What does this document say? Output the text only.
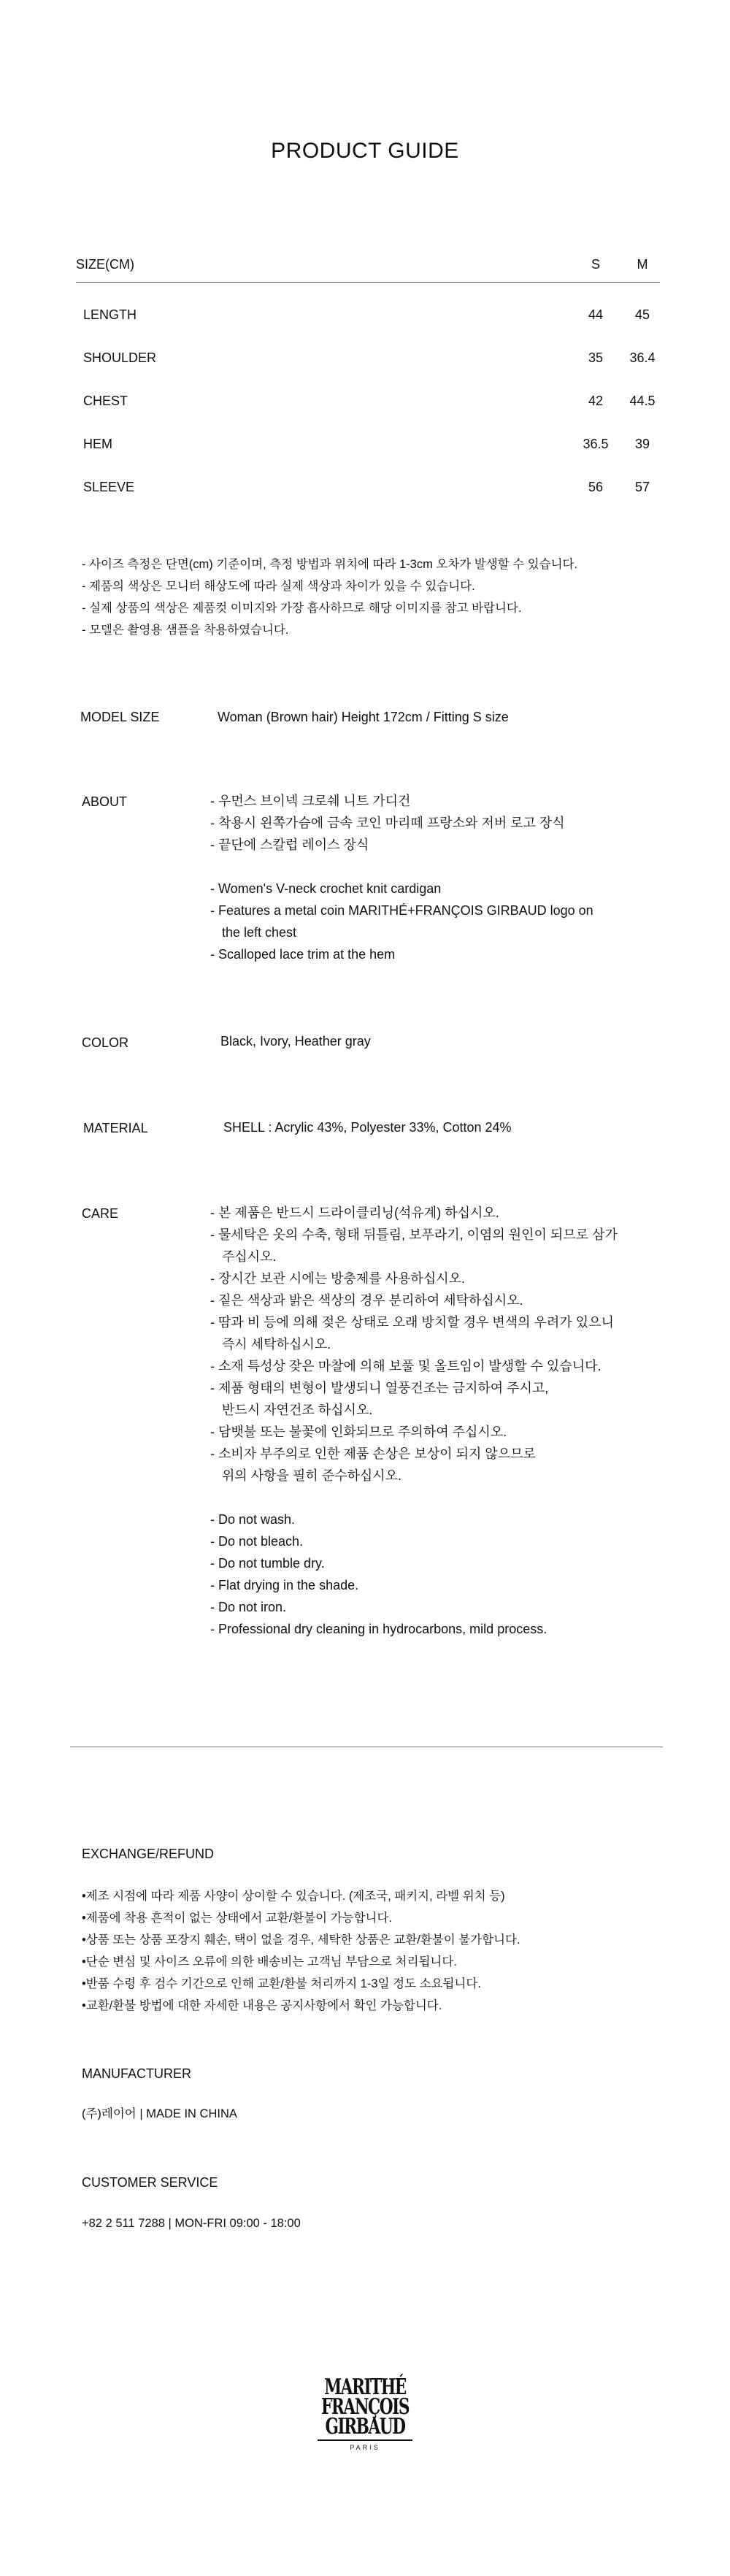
PRODUCT GUIDE
SIZE(CM)	S	M
LENGTH	44	45
SHOULDER	35	36.4
CHEST	42	44.5
HEM	36.5	39
SLEEVE	56	57
- 사이즈 측정은 단면(cm) 기준이며, 측정 방법과 위치에 따라 1-3cm 오차가 발생할 수 있습니다.
- 제품의 색상은 모니터 해상도에 따라 실제 색상과 차이가 있을 수 있습니다.
- 실제 상품의 색상은 제품컷 이미지와 가장 흡사하므로 해당 이미지를 참고 바랍니다.
- 모델은 촬영용 샘플을 착용하였습니다.
MODEL SIZE	Woman (Brown hair) Height 172cm / Fitting S size
ABOUT	- 우먼스 브이넥 크로쉐 니트 가디건
- 착용시 왼쪽가슴에 금속 코인 마리떼 프랑소와 저버 로고 장식
- 끝단에 스칼럽 레이스 장식
- Women's V-neck crochet knit cardigan
- Features a metal coin MARITHÉ+FRANÇOIS GIRBAUD logo on
the left chest
- Scalloped lace trim at the hem
COLOR	Black, Ivory, Heather gray
MATERIAL	SHELL : Acrylic 43%, Polyester 33%, Cotton 24%
CARE	- 본 제품은 반드시 드라이클리닝(석유계) 하십시오.
- 물세탁은 옷의 수축, 형태 뒤틀림, 보푸라기, 이염의 원인이 되므로 삼가
주십시오.
- 장시간 보관 시에는 방충제를 사용하십시오.
- 짙은 색상과 밝은 색상의 경우 분리하여 세탁하십시오.
- 땀과 비 등에 의해 젖은 상태로 오래 방치할 경우 변색의 우려가 있으니
즉시 세탁하십시오.
- 소재 특성상 잦은 마찰에 의해 보풀 및 올트임이 발생할 수 있습니다.
- 제품 형태의 변형이 발생되니 열풍건조는 금지하여 주시고,
반드시 자연건조 하십시오.
- 담뱃불 또는 불꽃에 인화되므로 주의하여 주십시오.
- 소비자 부주의로 인한 제품 손상은 보상이 되지 않으므로
위의 사항을 필히 준수하십시오.
- Do not wash.
- Do not bleach.
- Do not tumble dry.
- Flat drying in the shade.
- Do not iron.
- Professional dry cleaning in hydrocarbons, mild process.
EXCHANGE/REFUND
•제조 시점에 따라 제품 사양이 상이할 수 있습니다. (제조국, 패키지, 라벨 위치 등)
•제품에 착용 흔적이 없는 상태에서 교환/환불이 가능합니다.
•상품 또는 상품 포장지 훼손, 택이 없을 경우, 세탁한 상품은 교환/환불이 불가합니다.
•단순 변심 및 사이즈 오류에 의한 배송비는 고객님 부담으로 처리됩니다.
•반품 수령 후 검수 기간으로 인해 교환/환불 처리까지 1-3일 정도 소요됩니다.
•교환/환불 방법에 대한 자세한 내용은 공지사항에서 확인 가능합니다.
MANUFACTURER
(주)레이어 | MADE IN CHINA
CUSTOMER SERVICE
+82 2 511 7288 | MON-FRI 09:00 - 18:00
MARITHÉ
FRANÇOIS
GIRBAUD
PARIS
